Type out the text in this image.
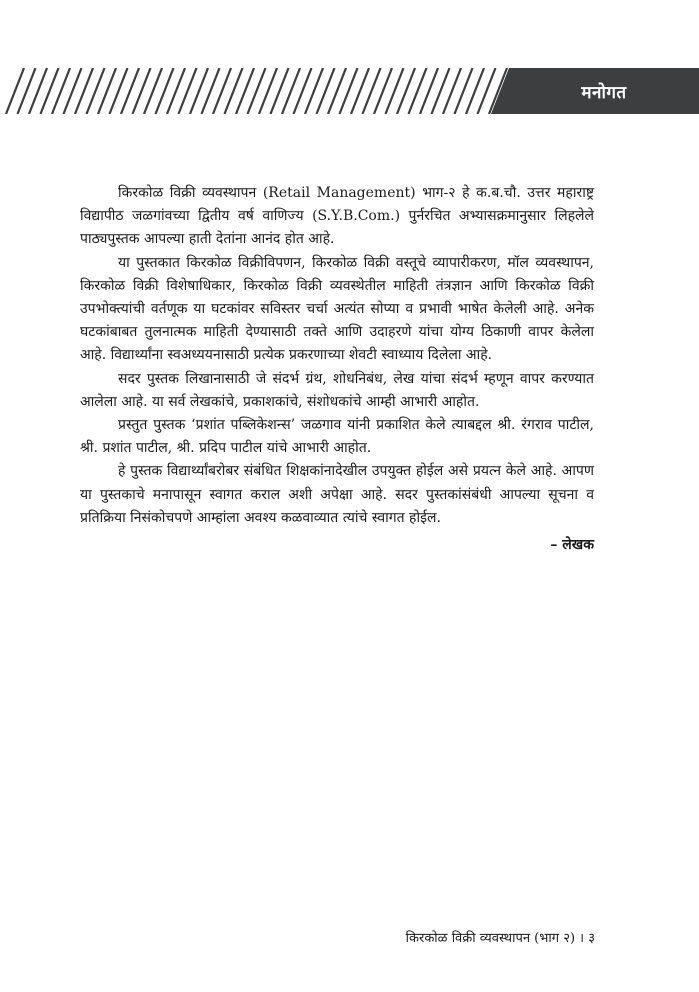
मनोगत

किरकोळ विक्री व्यवस्थापन (Retail Management) भाग-२ हे क.ब.चौ. उत्तर महाराष्ट्र विद्यापीठ जळगांवच्या द्वितीय वर्ष वाणिज्य (S.Y.B.Com.) पुर्नरचित अभ्यासक्रमानुसार लिहलेले पाठ्यपुस्तक आपल्या हाती देतांना आनंद होत आहे.

या पुस्तकात किरकोळ विक्रीविपणन, किरकोळ विक्री वस्तूचे व्यापारीकरण, मॉल व्यवस्थापन, किरकोळ विक्री विशेषाधिकार, किरकोळ विक्री व्यवस्थेतील माहिती तंत्रज्ञान आणि किरकोळ विक्री उपभोक्त्यांची वर्तणूक या घटकांवर सविस्तर चर्चा अत्यंत सोप्या व प्रभावी भाषेत केलेली आहे. अनेक घटकांबाबत तुलनात्मक माहिती देण्यासाठी तक्ते आणि उदाहरणे यांचा योग्य ठिकाणी वापर केलेला आहे. विद्यार्थ्यांना स्वअध्ययनासाठी प्रत्येक प्रकरणाच्या शेवटी स्वाध्याय दिलेला आहे.

सदर पुस्तक लिखानासाठी जे संदर्भ ग्रंथ, शोधनिबंध, लेख यांचा संदर्भ म्हणून वापर करण्यात आलेला आहे. या सर्व लेखकांचे, प्रकाशकांचे, संशोधकांचे आम्ही आभारी आहोत.

प्रस्तुत पुस्तक ‘प्रशांत पब्लिकेशन्स’ जळगाव यांनी प्रकाशित केले त्याबद्दल श्री. रंगराव पाटील, श्री. प्रशांत पाटील, श्री. प्रदिप पाटील यांचे आभारी आहोत.

हे पुस्तक विद्यार्थ्यांबरोबर संबंधित शिक्षकांनादेखील उपयुक्त होईल असे प्रयत्न केले आहे. आपण या पुस्तकाचे मनापासून स्वागत कराल अशी अपेक्षा आहे. सदर पुस्तकांसंबंधी आपल्या सूचना व प्रतिक्रिया निसंकोचपणे आम्हांला अवश्य कळवाव्यात त्यांचे स्वागत होईल.

– लेखक
किरकोळ विक्री व्यवस्थापन (भाग २) । ३
